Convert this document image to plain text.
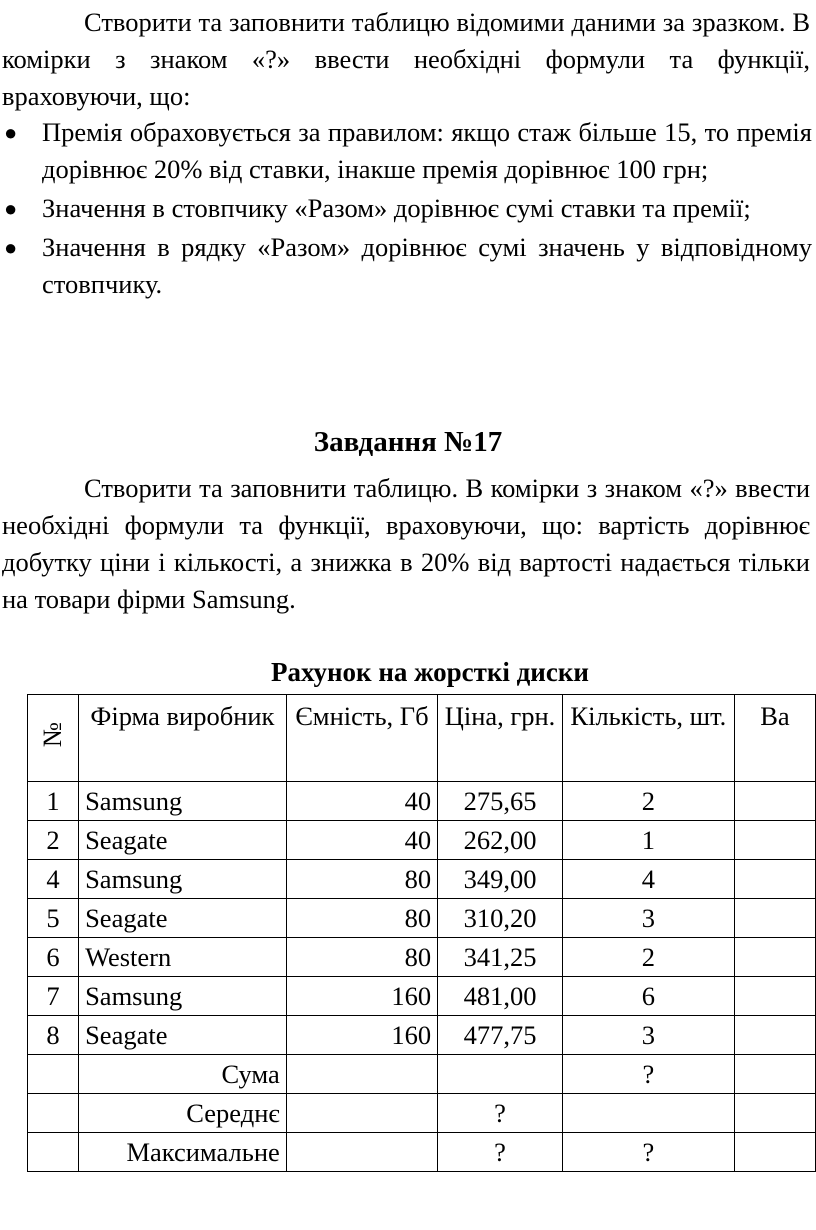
Створити та заповнити таблицю відомими даними за зразком. В комірки з знаком «?» ввести необхідні формули та функції, враховуючи, що:
● Премія обраховується за правилом: якщо стаж більше 15, то премія дорівнює 20% від ставки, інакше премія дорівнює 100 грн;
● Значення в стовпчику «Разом» дорівнює сумі ставки та премії;
● Значення в рядку «Разом» дорівнює сумі значень у відповідному стовпчику.
Завдання №17
Створити та заповнити таблицю. В комірки з знаком «?» ввести необхідні формули та функції, враховуючи, що: вартість дорівнює добутку ціни і кількості, а знижка в 20% від вартості надається тільки на товари фірми Samsung.
Рахунок на жорсткі диски
№	Фірма виробник	Ємність, Гб	Ціна, грн.	Кількість, шт.	Ва
1	Samsung	40	275,65	2	
2	Seagate	40	262,00	1	
4	Samsung	80	349,00	4	
5	Seagate	80	310,20	3	
6	Western	80	341,25	2	
7	Samsung	160	481,00	6	
8	Seagate	160	477,75	3	
	Сума			?	
	Середнє		?		
	Максимальне		?	?	
